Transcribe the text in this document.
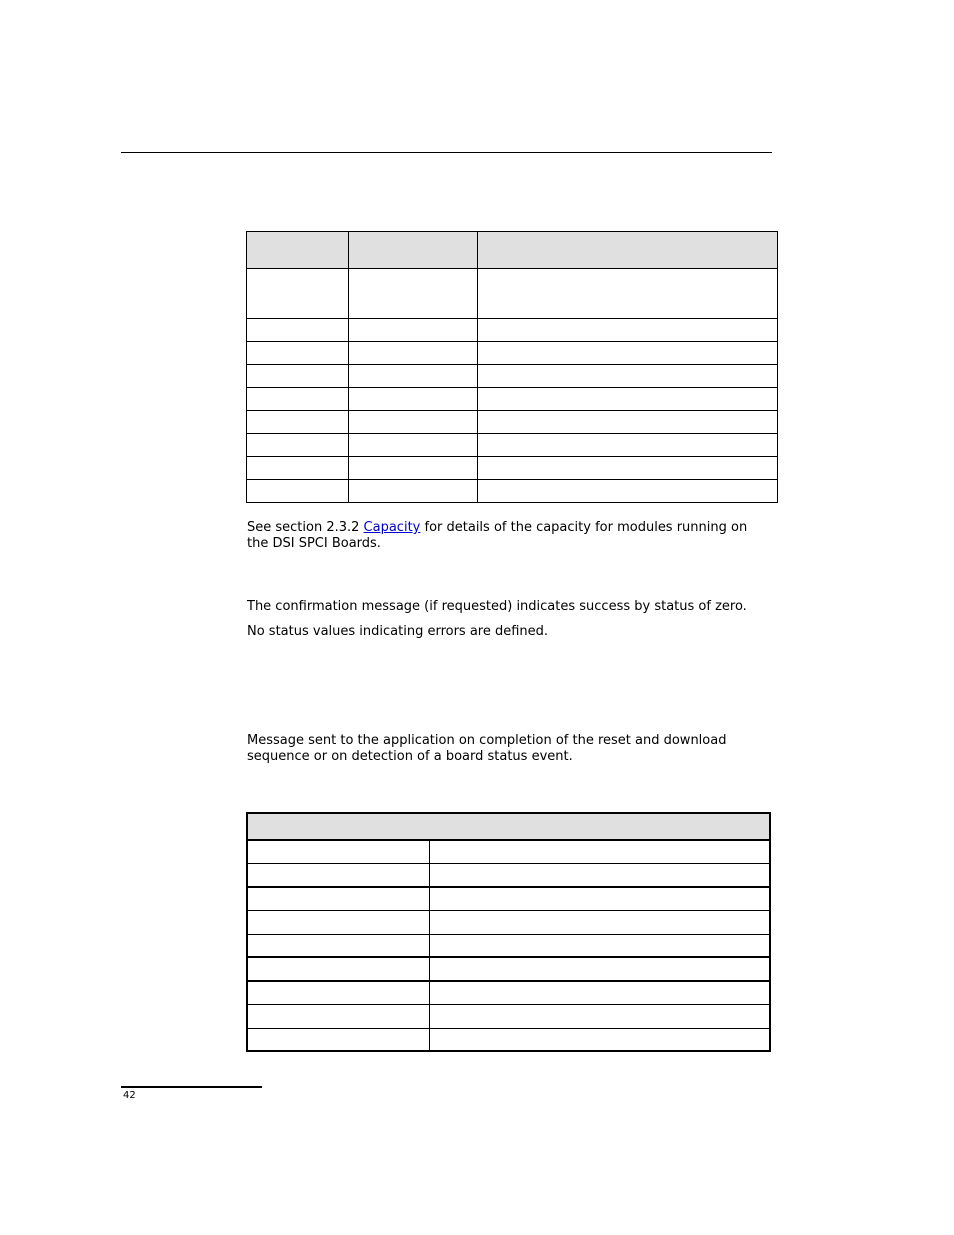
See section 2.3.2 Capacity for details of the capacity for modules running on

the DSI SPCI Boards.

The confirmation message (if requested) indicates success by status of zero.

No status values indicating errors are defined.

Message sent to the application on completion of the reset and download

sequence or on detection of a board status event.

42
